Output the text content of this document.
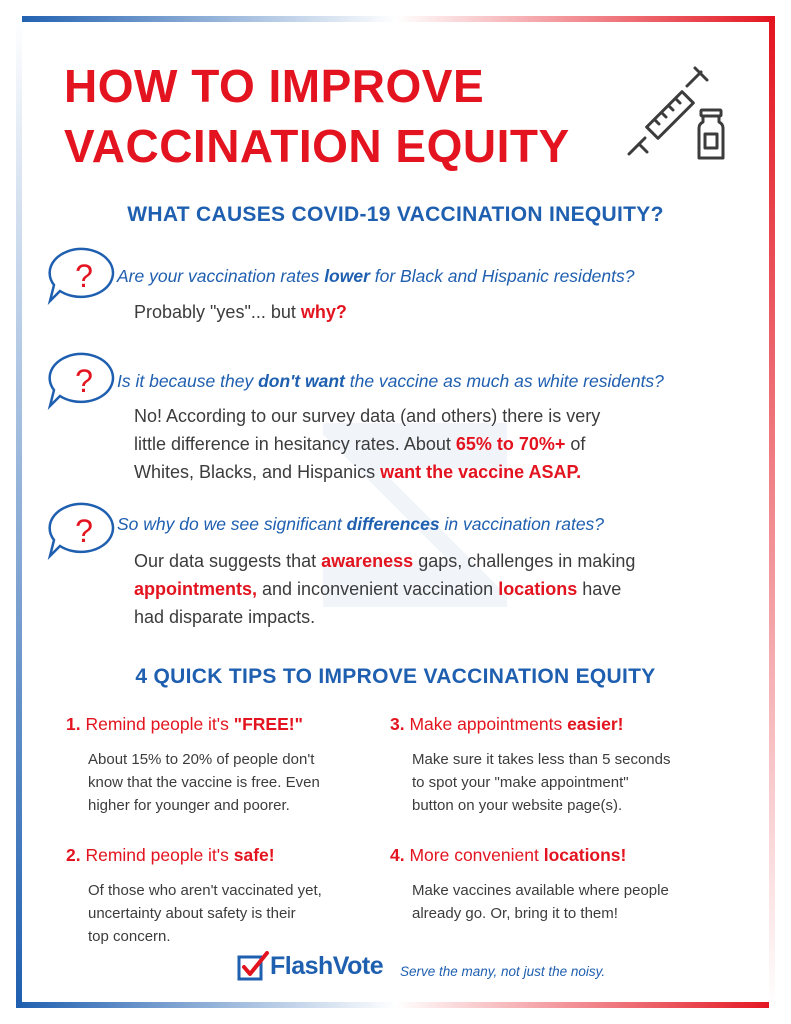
HOW TO IMPROVE
VACCINATION EQUITY
WHAT CAUSES COVID-19 VACCINATION INEQUITY?
? Are your vaccination rates lower for Black and Hispanic residents?
Probably "yes"... but why?
? Is it because they don't want the vaccine as much as white residents?
No! According to our survey data (and others) there is very
little difference in hesitancy rates. About 65% to 70%+ of
Whites, Blacks, and Hispanics want the vaccine ASAP.
? So why do we see significant differences in vaccination rates?
Our data suggests that awareness gaps, challenges in making
appointments, and inconvenient vaccination locations have
had disparate impacts.
4 QUICK TIPS TO IMPROVE VACCINATION EQUITY
1. Remind people it's "FREE!"
About 15% to 20% of people don't
know that the vaccine is free. Even
higher for younger and poorer.
2. Remind people it's safe!
Of those who aren't vaccinated yet,
uncertainty about safety is their
top concern.
3. Make appointments easier!
Make sure it takes less than 5 seconds
to spot your "make appointment"
button on your website page(s).
4. More convenient locations!
Make vaccines available where people
already go. Or, bring it to them!
FlashVote Serve the many, not just the noisy.
